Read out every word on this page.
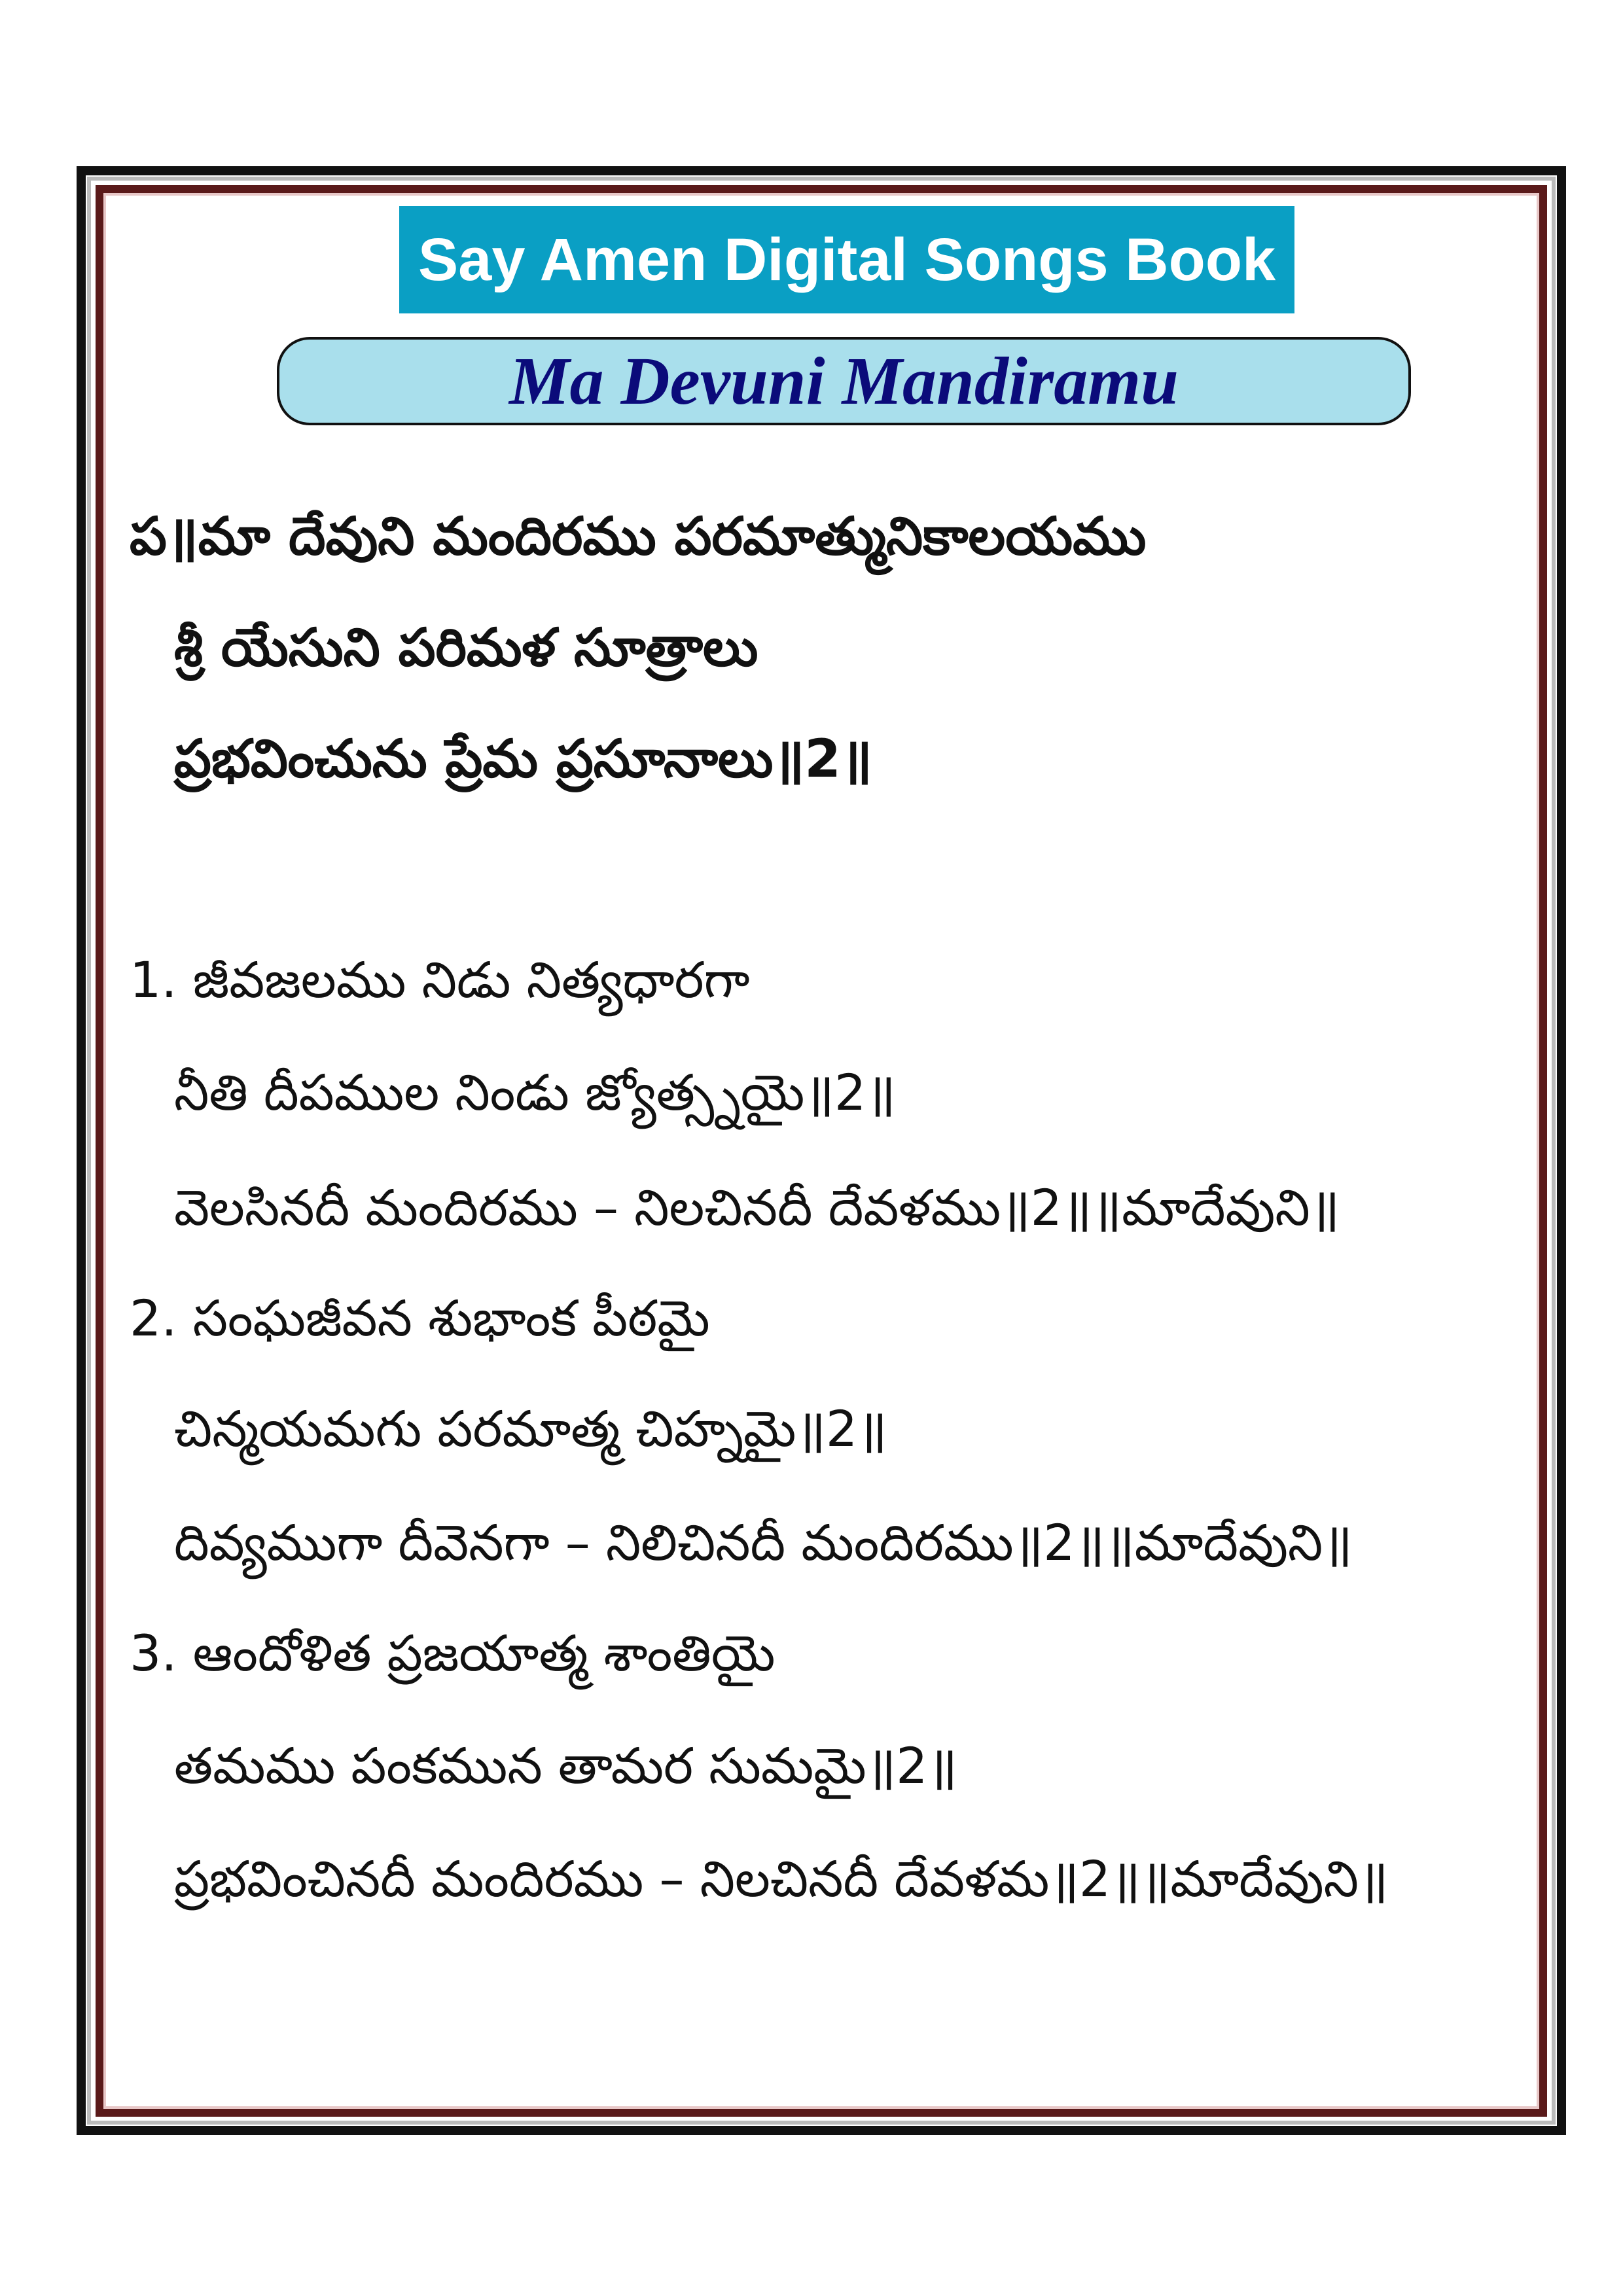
Say Amen Digital Songs Book
Ma Devuni Mandiramu
ప॥మా దేవుని మందిరము పరమాత్మునికాలయము
శ్రీ యేసుని పరిమళ సూత్రాలు
ప్రభవించును ప్రేమ ప్రసూనాలు॥2॥
1. జీవజలము నిడు నిత్యధారగా
నీతి దీపముల నిండు జ్యోత్స్నయై॥2॥
వెలసినదీ మందిరము – నిలచినదీ దేవళము॥2॥॥మాదేవుని॥
2. సంఘజీవన శుభాంక పీఠమై
చిన్మయమగు పరమాత్మ చిహ్నమై॥2॥
దివ్యముగా దీవెనగా – నిలిచినదీ మందిరము॥2॥॥మాదేవుని॥
3. ఆందోళిత ప్రజయాత్మ శాంతియై
తమము పంకమున తామర సుమమై॥2॥
ప్రభవించినదీ మందిరము – నిలచినదీ దేవళమ॥2॥॥మాదేవుని॥
